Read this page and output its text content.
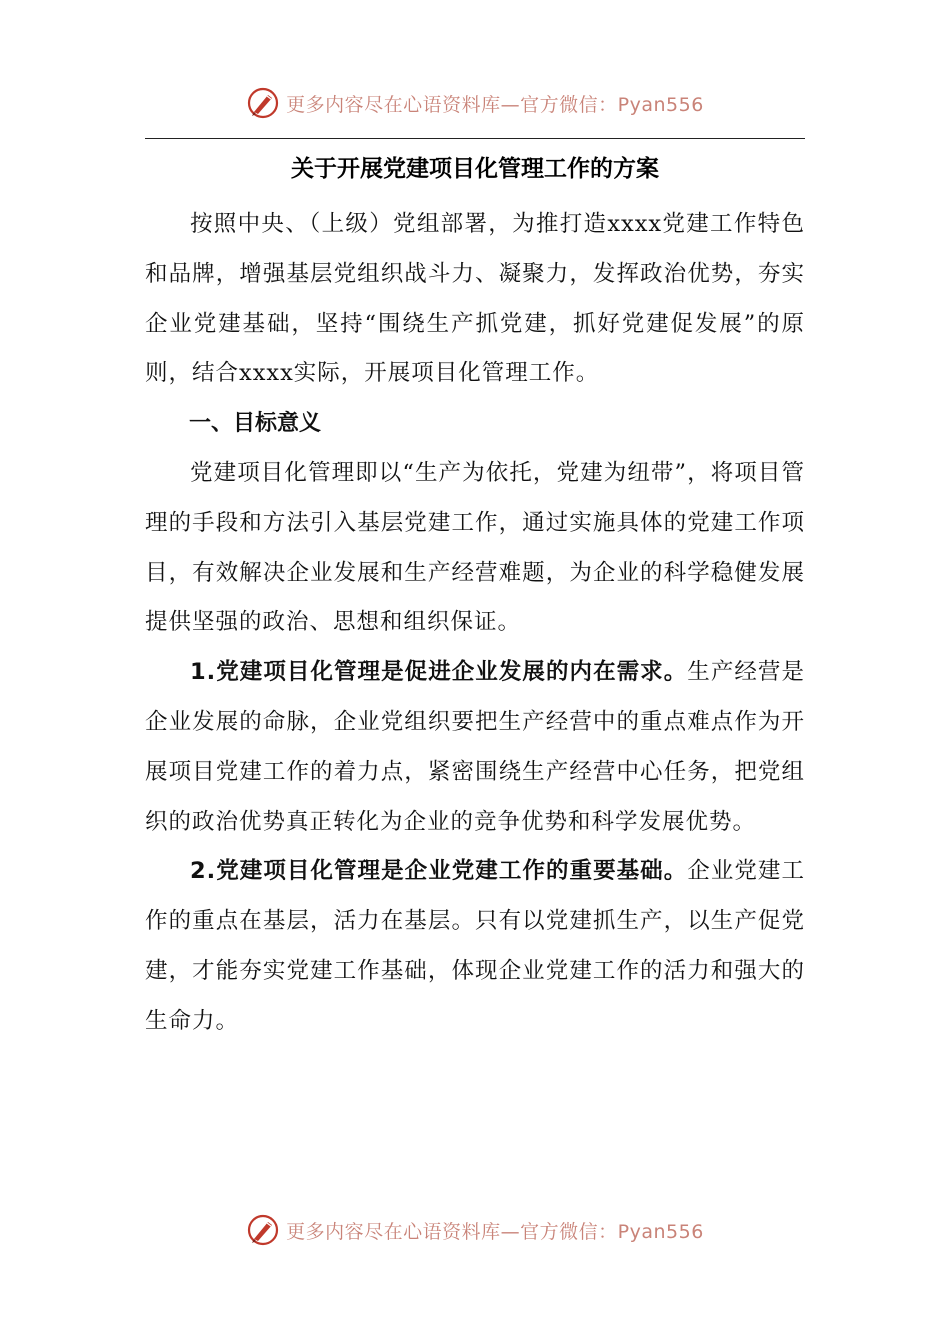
更多内容尽在心语资料库—官方微信：Pyan556
关于开展党建项目化管理工作的方案

按照中央、（上级）党组部署，为推打造xxxx党建工作特色和品牌，增强基层党组织战斗力、凝聚力，发挥政治优势，夯实企业党建基础，坚持“围绕生产抓党建，抓好党建促发展”的原则，结合xxxx实际，开展项目化管理工作。

一、目标意义

党建项目化管理即以“生产为依托，党建为纽带”，将项目管理的手段和方法引入基层党建工作，通过实施具体的党建工作项目，有效解决企业发展和生产经营难题，为企业的科学稳健发展提供坚强的政治、思想和组织保证。

1.党建项目化管理是促进企业发展的内在需求。生产经营是企业发展的命脉，企业党组织要把生产经营中的重点难点作为开展项目党建工作的着力点，紧密围绕生产经营中心任务，把党组织的政治优势真正转化为企业的竞争优势和科学发展优势。

2.党建项目化管理是企业党建工作的重要基础。企业党建工作的重点在基层，活力在基层。只有以党建抓生产，以生产促党建，才能夯实党建工作基础，体现企业党建工作的活力和强大的生命力。

更多内容尽在心语资料库—官方微信：Pyan556
